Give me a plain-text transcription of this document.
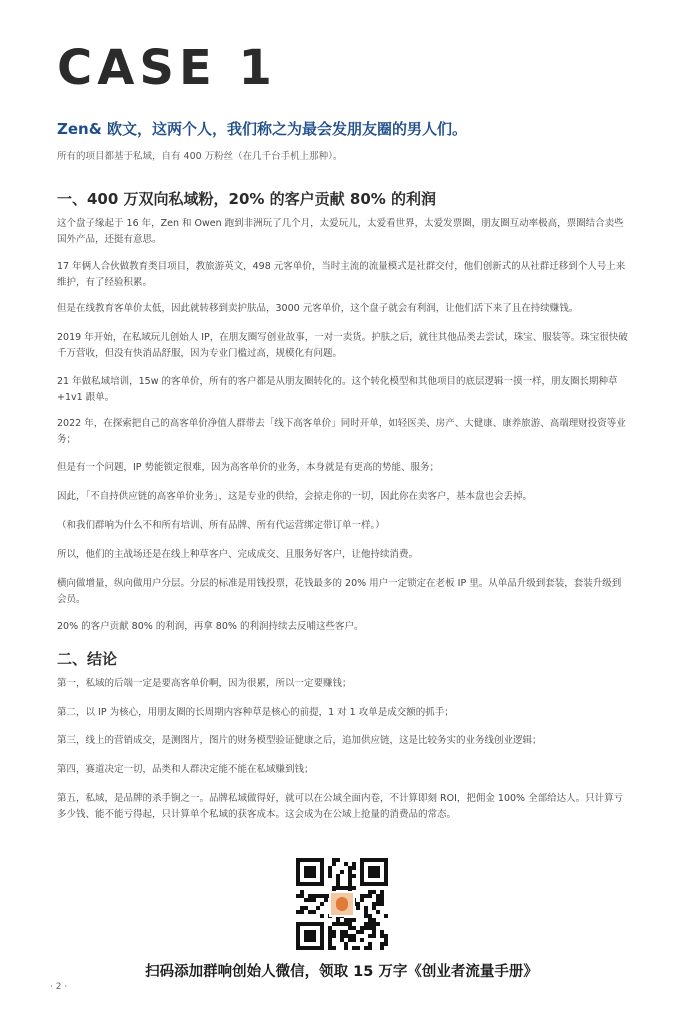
CASE 1
Zen& 欧文，这两个人，我们称之为最会发朋友圈的男人们。
所有的项目都基于私域，自有 400 万粉丝（在几千台手机上那种）。
一、400 万双向私域粉，20% 的客户贡献 80% 的利润
这个盘子缘起于 16 年，Zen 和 Owen 跑到非洲玩了几个月，太爱玩儿，太爱看世界，太爱发票圈，朋友圈互动率极高，票圈结合卖些国外产品，还挺有意思。
17 年俩人合伙做教育类目项目，教旅游英文，498 元客单价，当时主流的流量模式是社群交付，他们创新式的从社群迁移到个人号上来维护，有了经验积累。
但是在线教育客单价太低，因此就转移到卖护肤品，3000 元客单价，这个盘子就会有利润，让他们活下来了且在持续赚钱。
2019 年开始，在私域玩儿创始人 IP，在朋友圈写创业故事，一对一卖货。护肤之后，就往其他品类去尝试，珠宝、服装等。珠宝很快破千万营收，但没有快消品舒服，因为专业门槛过高，规模化有问题。
21 年做私域培训，15w 的客单价，所有的客户都是从朋友圈转化的。这个转化模型和其他项目的底层逻辑一摸一样，朋友圈长期种草 +1v1 跟单。
2022 年，在探索把自己的高客单价净值人群带去「线下高客单价」同时开单，如轻医美、房产、大健康、康养旅游、高端理财投资等业务；
但是有一个问题，IP 势能锁定很难，因为高客单价的业务，本身就是有更高的势能、服务；
因此，「不自持供应链的高客单价业务」，这是专业的供给，会掠走你的一切，因此你在卖客户，基本盘也会丢掉。
（和我们群响为什么不和所有培训、所有品牌、所有代运营绑定带订单一样。）
所以，他们的主战场还是在线上种草客户、完成成交、且服务好客户，让他持续消费。
横向做增量，纵向做用户分层。分层的标准是用钱投票，花钱最多的 20% 用户一定锁定在老板 IP 里。从单品升级到套装，套装升级到会员。
20% 的客户贡献 80% 的利润，再拿 80% 的利润持续去反哺这些客户。
二、结论
第一，私域的后端一定是要高客单价啊，因为很累，所以一定要赚钱；
第二，以 IP 为核心，用朋友圈的长周期内容种草是核心的前提，1 对 1 攻单是成交额的抓手；
第三，线上的营销成交，是测图片，图片的财务模型验证健康之后，追加供应链，这是比较务实的业务线创业逻辑；
第四，赛道决定一切，品类和人群决定能不能在私域赚到钱；
第五，私域，是品牌的杀手锏之一。品牌私域做得好，就可以在公域全面内卷，不计算即刻 ROI，把佣金 100% 全部给达人。只计算亏多少钱、能不能亏得起，只计算单个私域的获客成本。这会成为在公域上抢量的消费品的常态。
扫码添加群响创始人微信，领取 15 万字《创业者流量手册》
· 2 ·
